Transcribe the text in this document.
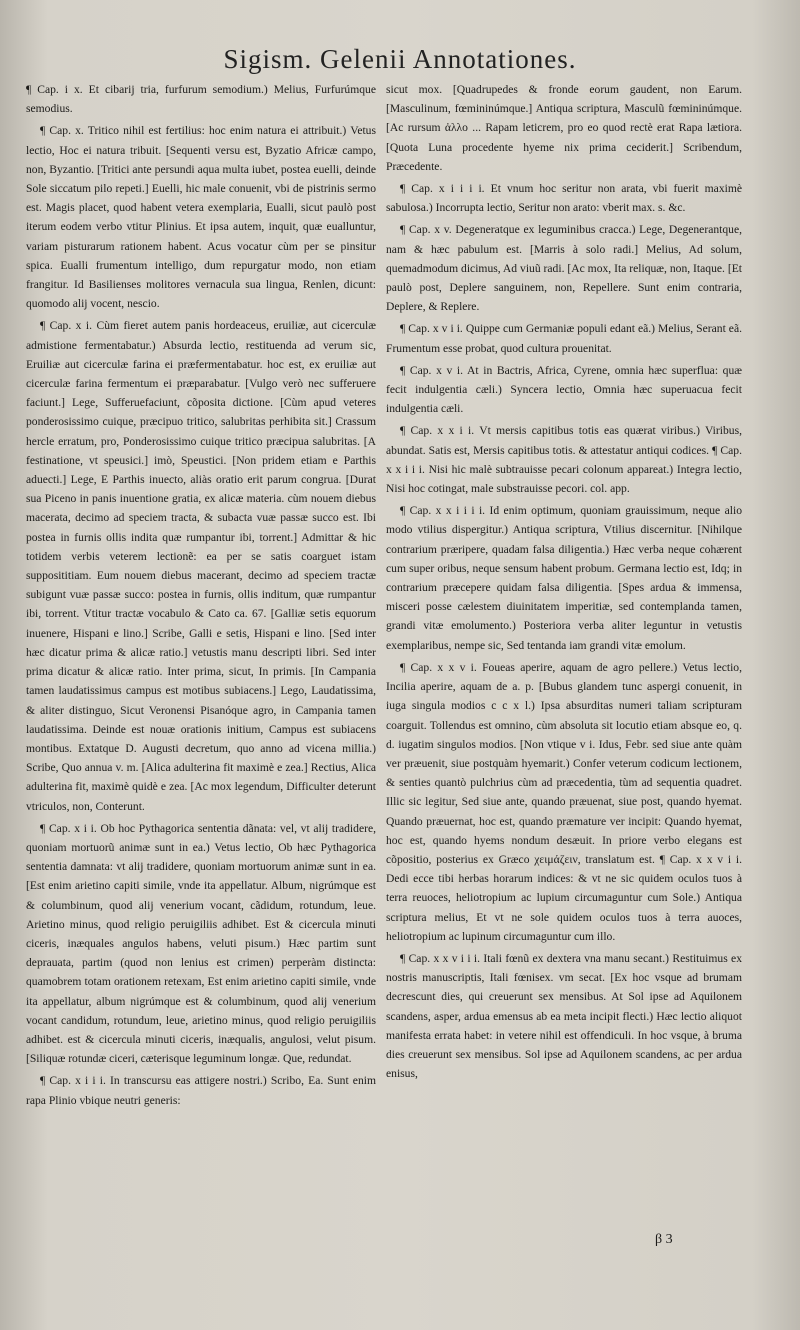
Sigism. Gelenii Annotationes.

¶ Cap. i x. Et cibarij tria, furfurum semodium.) Melius, Furfurúmque semodius.

¶ Cap. x. Tritico nihil est fertilius: hoc enim natura ei attribuit.) Vetus lectio, Hoc ei natura tribuit. [Sequenti versu est, Byzatio Africæ campo, non, Byzantio. [Tritici ante persundi aqua multa iubet, postea euelli, deinde Sole siccatum pilo repeti.] Euelli, hic male conuenit, vbi de pistrinis sermo est. Magis placet, quod habent vetera exemplaria, Eualli, sicut paulò post iterum eodem verbo vtitur Plinius. Et ipsa autem, inquit, quæ eualluntur, variam pisturarum rationem habent. Acus vocatur cùm per se pinsitur spica. Eualli frumentum intelligo, dum repurgatur modo, non etiam frangitur. Id Basilienses molitores vernacula sua lingua, Renlen, dicunt: quomodo alij vocent, nescio.

¶ Cap. x i. Cùm fieret autem panis hordeaceus, eruiliæ, aut cicerculæ admistione fermentabatur.) Absurda lectio, restituenda ad verum sic, Eruiliæ aut cicerculæ farina ei præfermentabatur. hoc est, ex eruiliæ aut cicerculæ farina fermentum ei præparabatur. [Vulgo verò nec sufferuere faciunt.] Lege, Sufferuefaciunt, cõposita dictione. [Cùm apud veteres ponderosissimo cuique, præcipuo tritico, salubritas perhibita sit.] Crassum hercle erratum, pro, Ponderosissimo cuique tritico præcipua salubritas. [A festinatione, vt speusici.] imò, Speustici. [Non pridem etiam e Parthis aduecti.] Lege, E Parthis inuecto, aliàs oratio erit parum congrua. [Durat sua Piceno in panis inuentione gratia, ex alicæ materia. cùm nouem diebus macerata, decimo ad speciem tracta, & subacta vuæ passæ succo est. Ibi postea in furnis ollis indita quæ rumpantur ibi, torrent.] Admittar & hic totidem verbis veterem lectionẽ: ea per se satis coarguet istam supposititiam. Eum nouem diebus macerant, decimo ad speciem tractæ subigunt vuæ passæ succo: postea in furnis, ollis inditum, quæ rumpantur ibi, torrent. Vtitur tractæ vocabulo & Cato ca. 67. [Galliæ setis equorum inuenere, Hispani e lino.] Scribe, Galli e setis, Hispani e lino. [Sed inter hæc dicatur prima & alicæ ratio.] vetustis manu descripti libri. Sed inter prima dicatur & alicæ ratio. Inter prima, sicut, In primis. [In Campania tamen laudatissimus campus est motibus subiacens.] Lego, Laudatissima, & aliter distinguo, Sicut Veronensi Pisanóque agro, in Campania tamen laudatissima. Deinde est nouæ orationis initium, Campus est subiacens montibus. Extatque D. Augusti decretum, quo anno ad vicena millia.) Scribe, Quo annua v. m. [Alica adulterina fit maximè e zea.] Rectius, Alica adulterina fit, maximè quidè e zea. [Ac mox legendum, Difficulter deterunt vtriculos, non, Conterunt.

¶ Cap. x i i. Ob hoc Pythagorica sententia dãnata: vel, vt alij tradidere, quoniam mortuorũ animæ sunt in ea.) Vetus lectio, Ob hæc Pythagorica sententia damnata: vt alij tradidere, quoniam mortuorum animæ sunt in ea. [Est enim arietino capiti simile, vnde ita appellatur. Album, nigrúmque est & columbinum, quod alij venerium vocant, cãdidum, rotundum, leue. Arietino minus, quod religio peruigiliis adhibet. Est & cicercula minuti ciceris, inæquales angulos habens, veluti pisum.) Hæc partim sunt deprauata, partim (quod non lenius est crimen) perperàm distincta: quamobrem totam orationem retexam, Est enim arietino capiti simile, vnde ita appellatur, album nigrúmque est & columbinum, quod alij venerium vocant candidum, rotundum, leue, arietino minus, quod religio peruigiliis adhibet. est & cicercula minuti ciceris, inæqualis, angulosi, velut pisum. [Siliquæ rotundæ ciceri, cæterisque leguminum longæ. Que, redundat.

¶ Cap. x i i i. In transcursu eas attigere nostri.) Scribo, Ea. Sunt enim rapa Plinio vbique neutri generis:

sicut mox. [Quadrupedes & fronde eorum gaudent, non Earum. [Masculinum, fœmininúmque.] Antiqua scriptura, Masculũ fœmininúmque. [Ac rursum ἀλλο ... Rapam leticrem, pro eo quod rectè erat Rapa lætiora. [Quota Luna procedente hyeme nix prima ceciderit.] Scribendum, Præcedente.

¶ Cap. x i i i i. Et vnum hoc seritur non arata, vbi fuerit maximè sabulosa.) Incorrupta lectio, Seritur non arato: vberit max. s. &c.

¶ Cap. x v. Degeneratque ex leguminibus cracca.) Lege, Degenerantque, nam & hæc pabulum est. [Marris à solo radi.] Melius, Ad solum, quemadmodum dicimus, Ad viuũ radi. [Ac mox, Ita reliquæ, non, Itaque. [Et paulò post, Deplere sanguinem, non, Repellere. Sunt enim contraria, Deplere, & Replere.

¶ Cap. x v i i. Quippe cum Germaniæ populi edant eã.) Melius, Serant eã. Frumentum esse probat, quod cultura prouenitat.

¶ Cap. x v i. At in Bactris, Africa, Cyrene, omnia hæc superflua: quæ fecit indulgentia cæli.) Syncera lectio, Omnia hæc superuacua fecit indulgentia cæli.

¶ Cap. x x i i. Vt mersis capitibus totis eas quærat viribus.) Viribus, abundat. Satis est, Mersis capitibus totis. & attestatur antiqui codices. ¶ Cap. x x i i i. Nisi hic malè subtrauisse pecari colonum appareat.) Integra lectio, Nisi hoc cotingat, male substrauisse pecori. col. app.

¶ Cap. x x i i i i. Id enim optimum, quoniam grauissimum, neque alio modo vtilius dispergitur.) Antiqua scriptura, Vtilius discernitur. [Nihilque contrarium præripere, quadam falsa diligentia.) Hæc verba neque cohærent cum super oribus, neque sensum habent probum. Germana lectio est, Idq; in contrarium præcepere quidam falsa diligentia. [Spes ardua & immensa, misceri posse cælestem diuinitatem imperitiæ, sed contemplanda tamen, grandi vitæ emolumento.) Posteriora verba aliter leguntur in vetustis exemplaribus, nempe sic, Sed tentanda iam grandi vitæ emolum.

¶ Cap. x x v i. Foueas aperire, aquam de agro pellere.) Vetus lectio, Incilia aperire, aquam de a. p. [Bubus glandem tunc aspergi conuenit, in iuga singula modios c c x l.) Ipsa absurditas numeri taliam scripturam coarguit. Tollendus est omnino, cùm absoluta sit locutio etiam absque eo, q. d. iugatim singulos modios. [Non vtique v i. Idus, Febr. sed siue ante quàm ver præuenit, siue postquàm hyemarit.) Confer veterum codicum lectionem, & senties quantò pulchrius cùm ad præcedentia, tùm ad sequentia quadret. Illic sic legitur, Sed siue ante, quando præuenat, siue post, quando hyemat. Quando præuernat, hoc est, quando præmature ver incipit: Quando hyemat, hoc est, quando hyems nondum desæuit. In priore verbo elegans est cõpositio, posterius ex Græco χειμάζειν, translatum est. ¶ Cap. x x v i i. Dedi ecce tibi herbas horarum indices: & vt ne sic quidem oculos tuos à terra reuoces, heliotropium ac lupium circumaguntur cum Sole.) Antiqua scriptura melius, Et vt ne sole quidem oculos tuos à terra auoces, heliotropium ac lupinum circumaguntur cum illo.

¶ Cap. x x v i i i. Itali fœnũ ex dextera vna manu secant.) Restituimus ex nostris manuscriptis, Itali fœnisex. vm secat. [Ex hoc vsque ad brumam decrescunt dies, qui creuerunt sex mensibus. At Sol ipse ad Aquilonem scandens, asper, ardua emensus ab ea meta incipit flecti.) Hæc lectio aliquot manifesta errata habet: in vetere nihil est offendiculi. In hoc vsque, à bruma dies creuerunt sex mensibus. Sol ipse ad Aquilonem scandens, ac per ardua enisus,

β 3
